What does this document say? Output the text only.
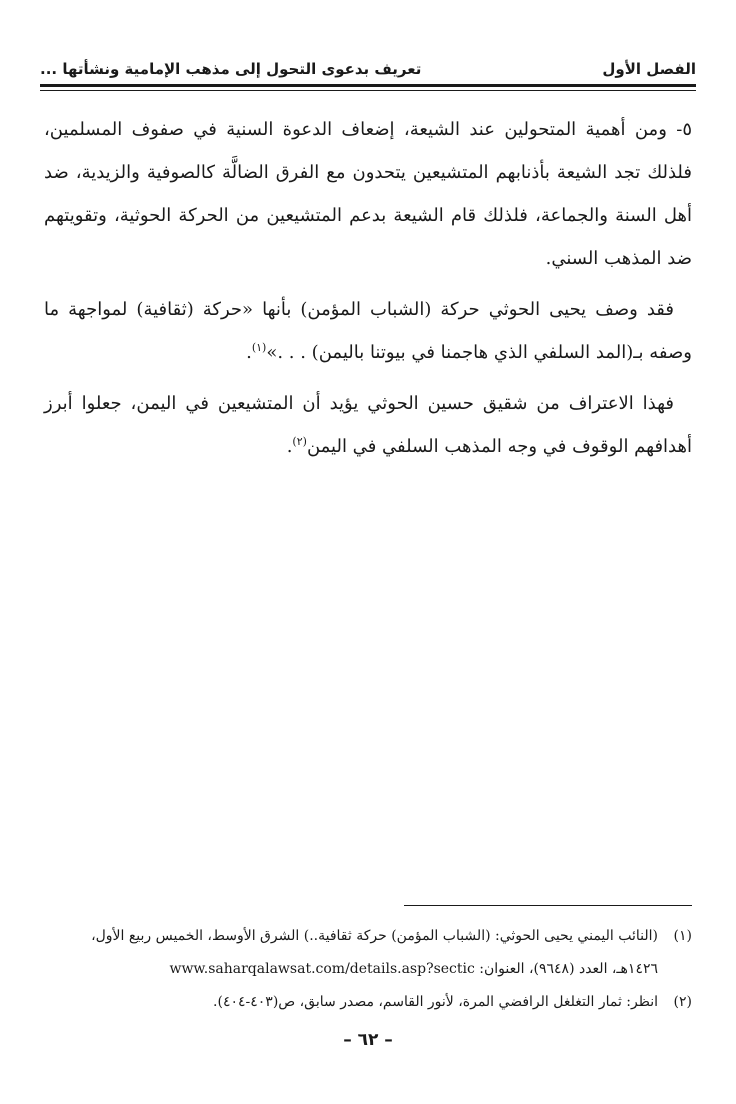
الفصل الأول
تعريف بدعوى التحول إلى مذهب الإمامية ونشأتها ...

٥- ومن أهمية المتحولين عند الشيعة، إضعاف الدعوة السنية في صفوف المسلمين، فلذلك تجد الشيعة بأذنابهم المتشيعين يتحدون مع الفرق الضالَّة كالصوفية والزيدية، ضد أهل السنة والجماعة، فلذلك قام الشيعة بدعم المتشيعين من الحركة الحوثية، وتقويتهم ضد المذهب السني.

فقد وصف يحيى الحوثي حركة (الشباب المؤمن) بأنها «حركة (ثقافية) لمواجهة ما وصفه بـ(المد السلفي الذي هاجمنا في بيوتنا باليمن) . . .»$^{(١)}$.

فهذا الاعتراف من شقيق حسين الحوثي يؤيد أن المتشيعين في اليمن، جعلوا أبرز أهدافهم الوقوف في وجه المذهب السلفي في اليمن$^{(٢)}$.

(١)
(النائب اليمني يحيى الحوثي: (الشباب المؤمن) حركة ثقافية..) الشرق الأوسط، الخميس ربيع الأول، ١٤٢٦هـ، العدد (٩٦٤٨)، العنوان: www.saharqalawsat.com/details.asp?sectic
(٢)
انظر: ثمار التغلغل الرافضي المرة، لأنور القاسم، مصدر سابق، ص(٤٠٣-٤٠٤).
– ٦٢ –
